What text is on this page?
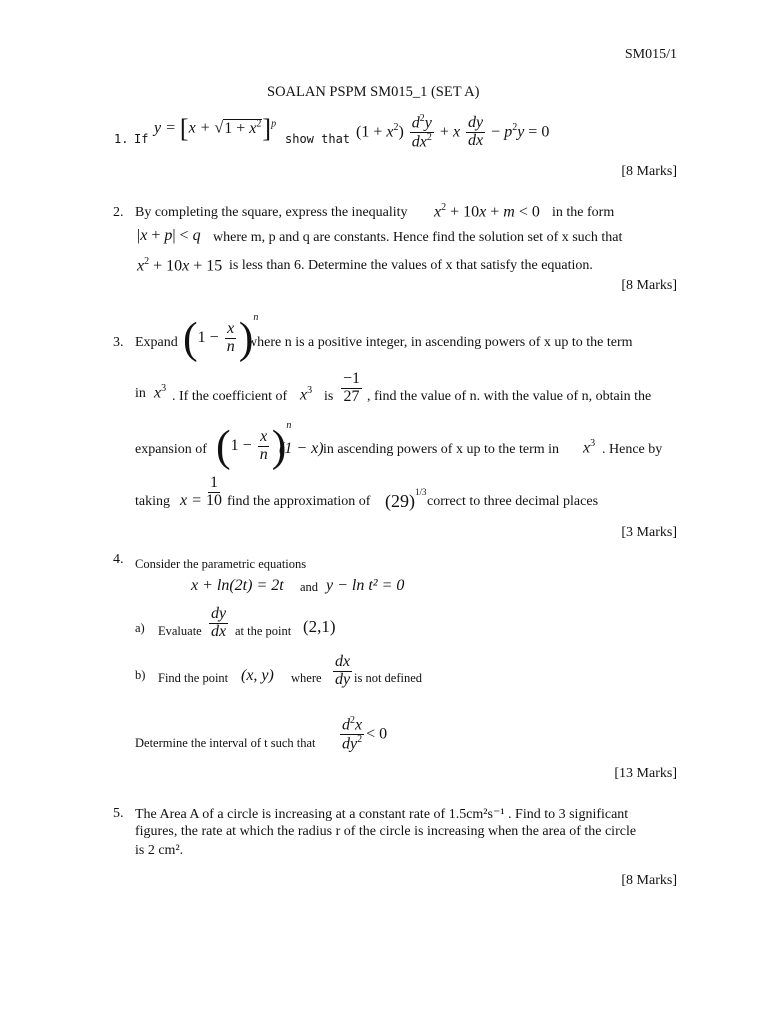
SM015/1
SOALAN PSPM SM015_1 (SET A)
1. If
$y = [x + √1 + x^2]^p$
show that $(1 + x^2) \frac{d^2y}{dx^2} + x \frac{dy}{dx} - p^2y = 0$
[8 Marks]
2. By completing the square, express the inequality $x^2 + 10x + m < 0$ in the form
|x + p| < q where m, p and q are constants. Hence find the solution set of x such that
$x^2 + 10x + 15$ is less than 6. Determine the values of x that satisfy the equation.
[8 Marks]
3. Expand $(1 - \frac{x}{n} )^n$
where n is a positive integer, in ascending powers of x up to the term
in $x^3$
. If the coefficient of $x^3$ is $\frac{-1}{27}$ , find the value of n. with the value of n, obtain the
expansion of $(1 - \frac{x}{n} )^n$
(1 − x) in ascending powers of x up to the term in $x^3$ . Hence by
taking $x = \frac{1}{10}$ find the approximation of $(29)^{1/3}$
correct to three decimal places
[3 Marks]
4. Consider the parametric equations
x + ln(2t) = 2t and y − ln t² = 0
a) Evaluate $\frac{dy}{dx}$ at the point (2,1)
b) Find the point (x, y) where $\frac{dx}{dy}$ is not defined
Determine the interval of t such that $\frac{d^2x}{dy^2} < 0$
[13 Marks]
5. The Area A of a circle is increasing at a constant rate of 1.5cm²s⁻¹ . Find to 3 significant
figures, the rate at which the radius r of the circle is increasing when the area of the circle
is 2 cm².
[8 Marks]
